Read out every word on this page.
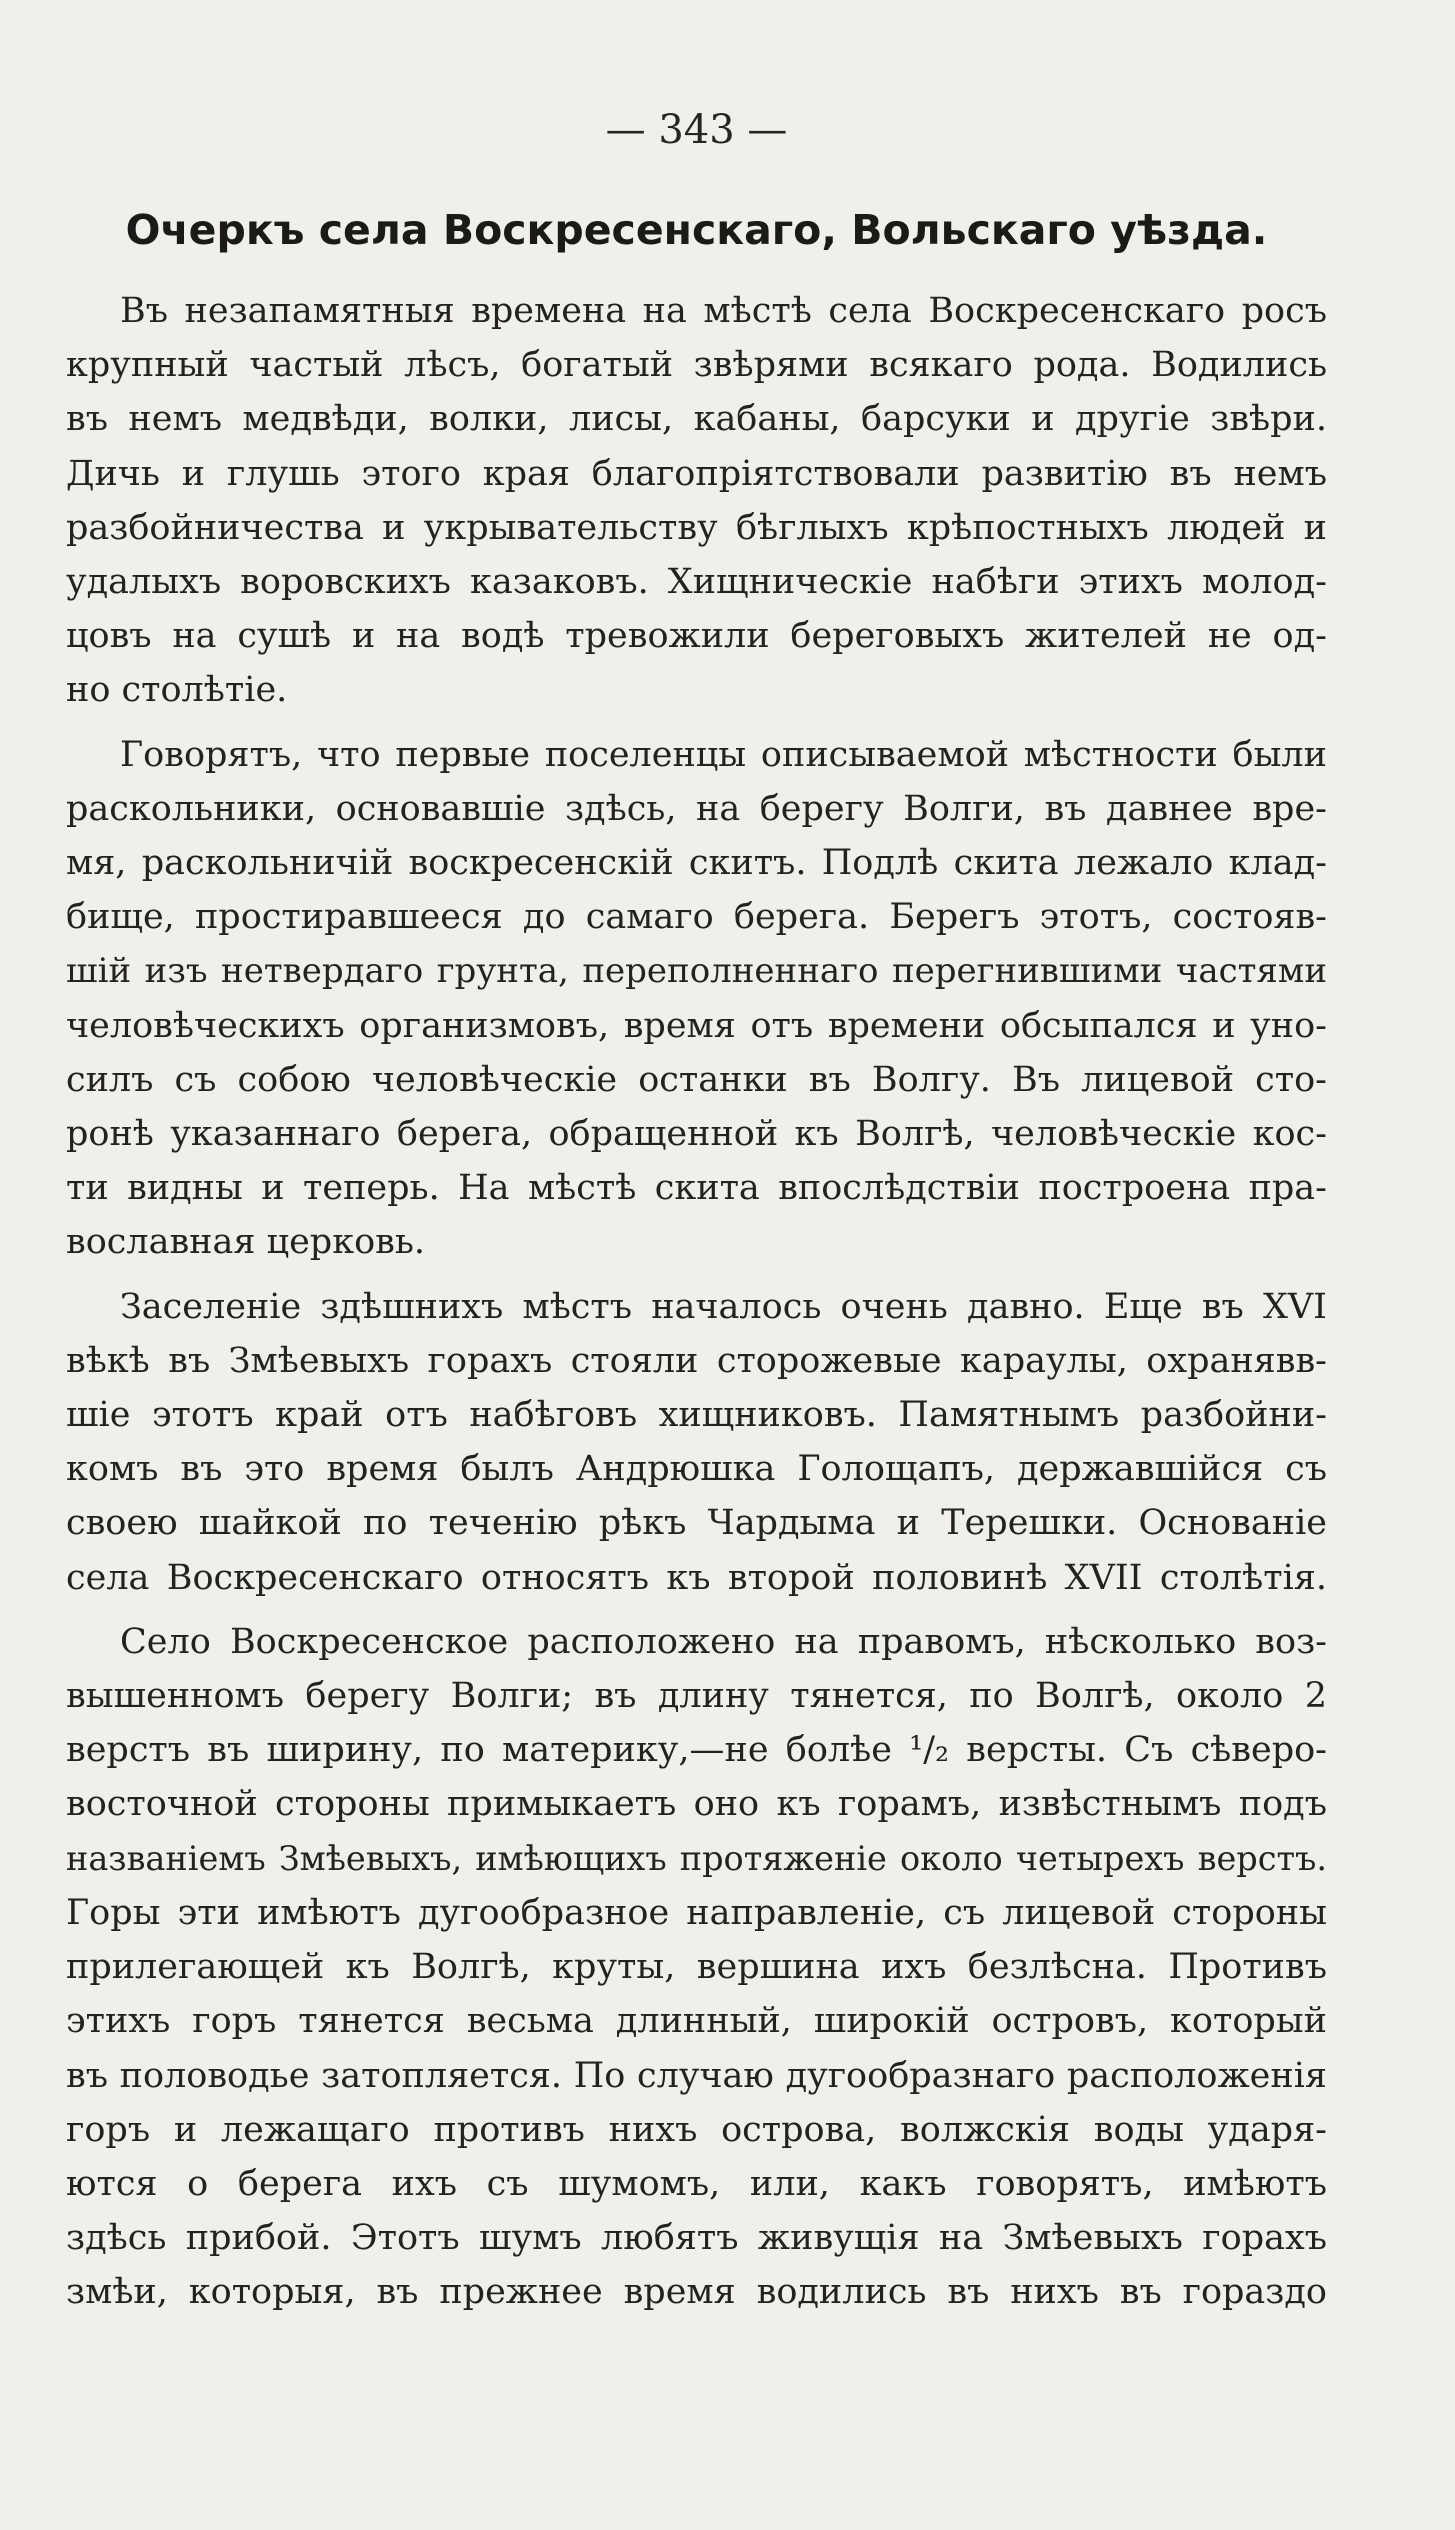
— 343 —
Очеркъ села Воскресенскаго, Вольскаго уѣзда.

Въ незапамятныя времена на мѣстѣ села Воскресенскаго росъ
крупный частый лѣсъ, богатый звѣрями всякаго рода. Водились
въ немъ медвѣди, волки, лисы, кабаны, барсуки и другіе звѣри.
Дичь и глушь этого края благопріятствовали развитію въ немъ
разбойничества и укрывательству бѣглыхъ крѣпостныхъ людей и
удалыхъ воровскихъ казаковъ. Хищническіе набѣги этихъ молод-
цовъ на сушѣ и на водѣ тревожили береговыхъ жителей не од-
но столѣтіе.

Говорятъ, что первые поселенцы описываемой мѣстности были
раскольники, основавшіе здѣсь, на берегу Волги, въ давнее вре-
мя, раскольничій воскресенскій скитъ. Подлѣ скита лежало клад-
бище, простиравшееся до самаго берега. Берегъ этотъ, состояв-
шій изъ нетвердаго грунта, переполненнаго перегнившими частями
человѣческихъ организмовъ, время отъ времени обсыпался и уно-
силъ съ собою человѣческіе останки въ Волгу. Въ лицевой сто-
ронѣ указаннаго берега, обращенной къ Волгѣ, человѣческіе кос-
ти видны и теперь. На мѣстѣ скита впослѣдствіи построена пра-
вославная церковь.

Заселеніе здѣшнихъ мѣстъ началось очень давно. Еще въ XVI
вѣкѣ въ Змѣевыхъ горахъ стояли сторожевые караулы, охранявв-
шіе этотъ край отъ набѣговъ хищниковъ. Памятнымъ разбойни-
комъ въ это время былъ Андрюшка Голощапъ, державшійся съ
своею шайкой по теченію рѣкъ Чардыма и Терешки. Основаніе
села Воскресенскаго относятъ къ второй половинѣ XVII столѣтія.

Село Воскресенское расположено на правомъ, нѣсколько воз-
вышенномъ берегу Волги; въ длину тянется, по Волгѣ, около 2
верстъ въ ширину, по материку,—не болѣе ¹/₂ версты. Съ сѣверо-
восточной стороны примыкаетъ оно къ горамъ, извѣстнымъ подъ
названіемъ Змѣевыхъ, имѣющихъ протяженіе около четырехъ верстъ.
Горы эти имѣютъ дугообразное направленіе, съ лицевой стороны
прилегающей къ Волгѣ, круты, вершина ихъ безлѣсна. Противъ
этихъ горъ тянется весьма длинный, широкій островъ, который
въ половодье затопляется. По случаю дугообразнаго расположенія
горъ и лежащаго противъ нихъ острова, волжскія воды ударя-
ются о берега ихъ съ шумомъ, или, какъ говорятъ, имѣютъ
здѣсь прибой. Этотъ шумъ любятъ живущія на Змѣевыхъ горахъ
змѣи, которыя, въ прежнее время водились въ нихъ въ гораздо
